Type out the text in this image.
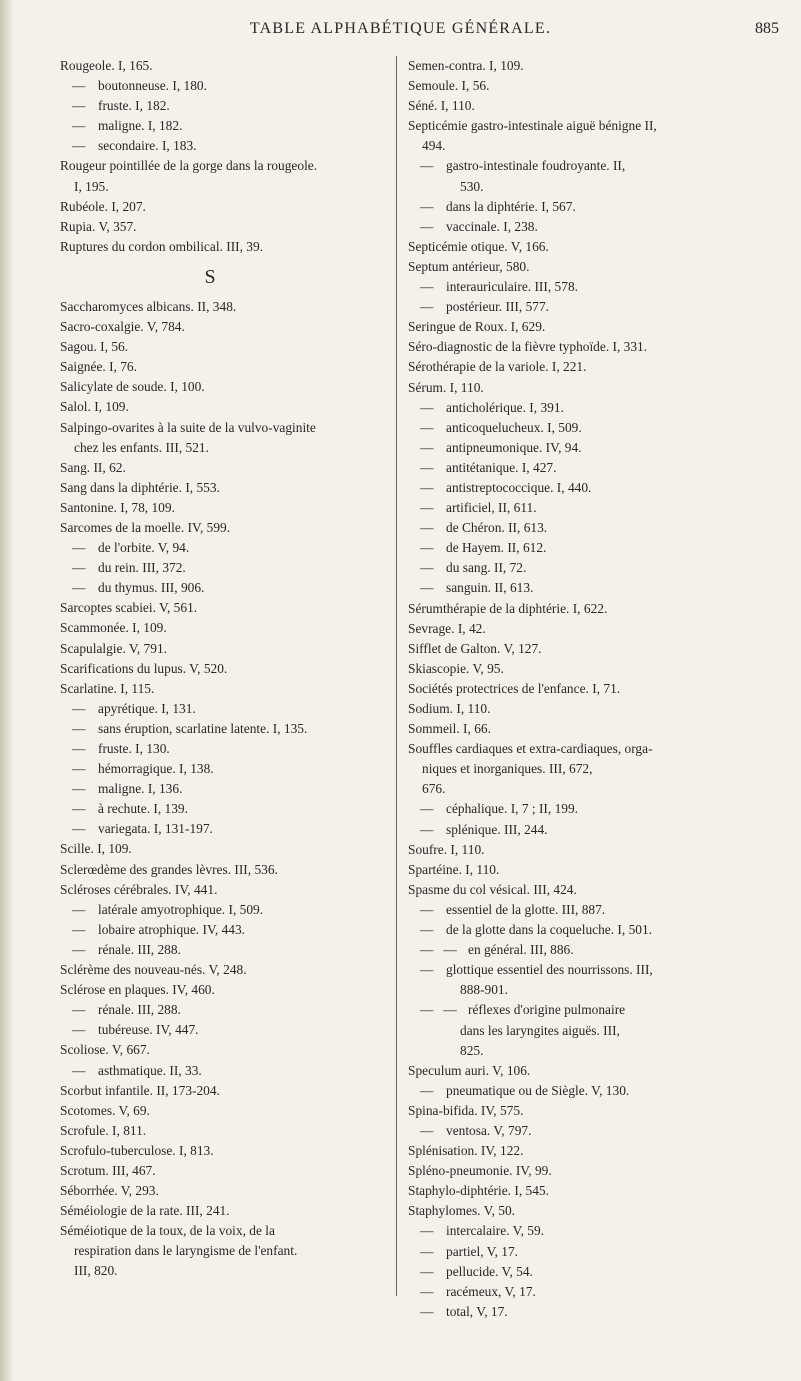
TABLE ALPHABÉTIQUE GÉNÉRALE.	885
Rougeole. I, 165.
— boutonneuse. I, 180.
— fruste. I, 182.
— maligne. I, 182.
— secondaire. I, 183.
Rougeur pointillée de la gorge dans la rougeole.
I, 195.
Rubéole. I, 207.
Rupia. V, 357.
Ruptures du cordon ombilical. III, 39.
S
Saccharomyces albicans. II, 348.
Sacro-coxalgie. V, 784.
Sagou. I, 56.
Saignée. I, 76.
Salicylate de soude. I, 100.
Salol. I, 109.
Salpingo-ovarites à la suite de la vulvo-vaginite
chez les enfants. III, 521.
Sang. II, 62.
Sang dans la diphtérie. I, 553.
Santonine. I, 78, 109.
Sarcomes de la moelle. IV, 599.
— de l'orbite. V, 94.
— du rein. III, 372.
— du thymus. III, 906.
Sarcoptes scabiei. V, 561.
Scammonée. I, 109.
Scapulalgie. V, 791.
Scarifications du lupus. V, 520.
Scarlatine. I, 115.
— apyrétique. I, 131.
— sans éruption, scarlatine latente. I, 135.
— fruste. I, 130.
— hémorragique. I, 138.
— maligne. I, 136.
— à rechute. I, 139.
— variegata. I, 131-197.
Scille. I, 109.
Sclerœdème des grandes lèvres. III, 536.
Scléroses cérébrales. IV, 441.
— latérale amyotrophique. I, 509.
— lobaire atrophique. IV, 443.
— rénale. III, 288.
Sclérème des nouveau-nés. V, 248.
Sclérose en plaques. IV, 460.
— rénale. III, 288.
— tubéreuse. IV, 447.
Scoliose. V, 667.
— asthmatique. II, 33.
Scorbut infantile. II, 173-204.
Scotomes. V, 69.
Scrofule. I, 811.
Scrofulo-tuberculose. I, 813.
Scrotum. III, 467.
Séborrhée. V, 293.
Séméiologie de la rate. III, 241.
Séméiotique de la toux, de la voix, de la
respiration dans le laryngisme de l'enfant.
III, 820.
Semen-contra. I, 109.
Semoule. I, 56.
Séné. I, 110.
Septicémie gastro-intestinale aiguë bénigne II,
494.
— gastro-intestinale foudroyante. II,
530.
— dans la diphtérie. I, 567.
— vaccinale. I, 238.
Septicémie otique. V, 166.
Septum antérieur, 580.
— interauriculaire. III, 578.
— postérieur. III, 577.
Seringue de Roux. I, 629.
Séro-diagnostic de la fièvre typhoïde. I, 331.
Sérothérapie de la variole. I, 221.
Sérum. I, 110.
— anticholérique. I, 391.
— anticoquelucheux. I, 509.
— antipneumonique. IV, 94.
— antitétanique. I, 427.
— antistreptococcique. I, 440.
— artificiel, II, 611.
— de Chéron. II, 613.
— de Hayem. II, 612.
— du sang. II, 72.
— sanguin. II, 613.
Sérumthérapie de la diphtérie. I, 622.
Sevrage. I, 42.
Sifflet de Galton. V, 127.
Skiascopie. V, 95.
Sociétés protectrices de l'enfance. I, 71.
Sodium. I, 110.
Sommeil. I, 66.
Souffles cardiaques et extra-cardiaques, orga-
niques et inorganiques. III, 672,
676.
— céphalique. I, 7 ; II, 199.
— splénique. III, 244.
Soufre. I, 110.
Spartéine. I, 110.
Spasme du col vésical. III, 424.
— essentiel de la glotte. III, 887.
— de la glotte dans la coqueluche. I, 501.
—   — en général. III, 886.
— glottique essentiel des nourrissons. III,
888-901.
—   — réflexes d'origine pulmonaire
dans les laryngites aiguës. III,
825.
Speculum auri. V, 106.
— pneumatique ou de Siègle. V, 130.
Spina-bifida. IV, 575.
— ventosa. V, 797.
Splénisation. IV, 122.
Spléno-pneumonie. IV, 99.
Staphylo-diphtérie. I, 545.
Staphylomes. V, 50.
— intercalaire. V, 59.
— partiel, V, 17.
— pellucide. V, 54.
— racémeux, V, 17.
— total, V, 17.
